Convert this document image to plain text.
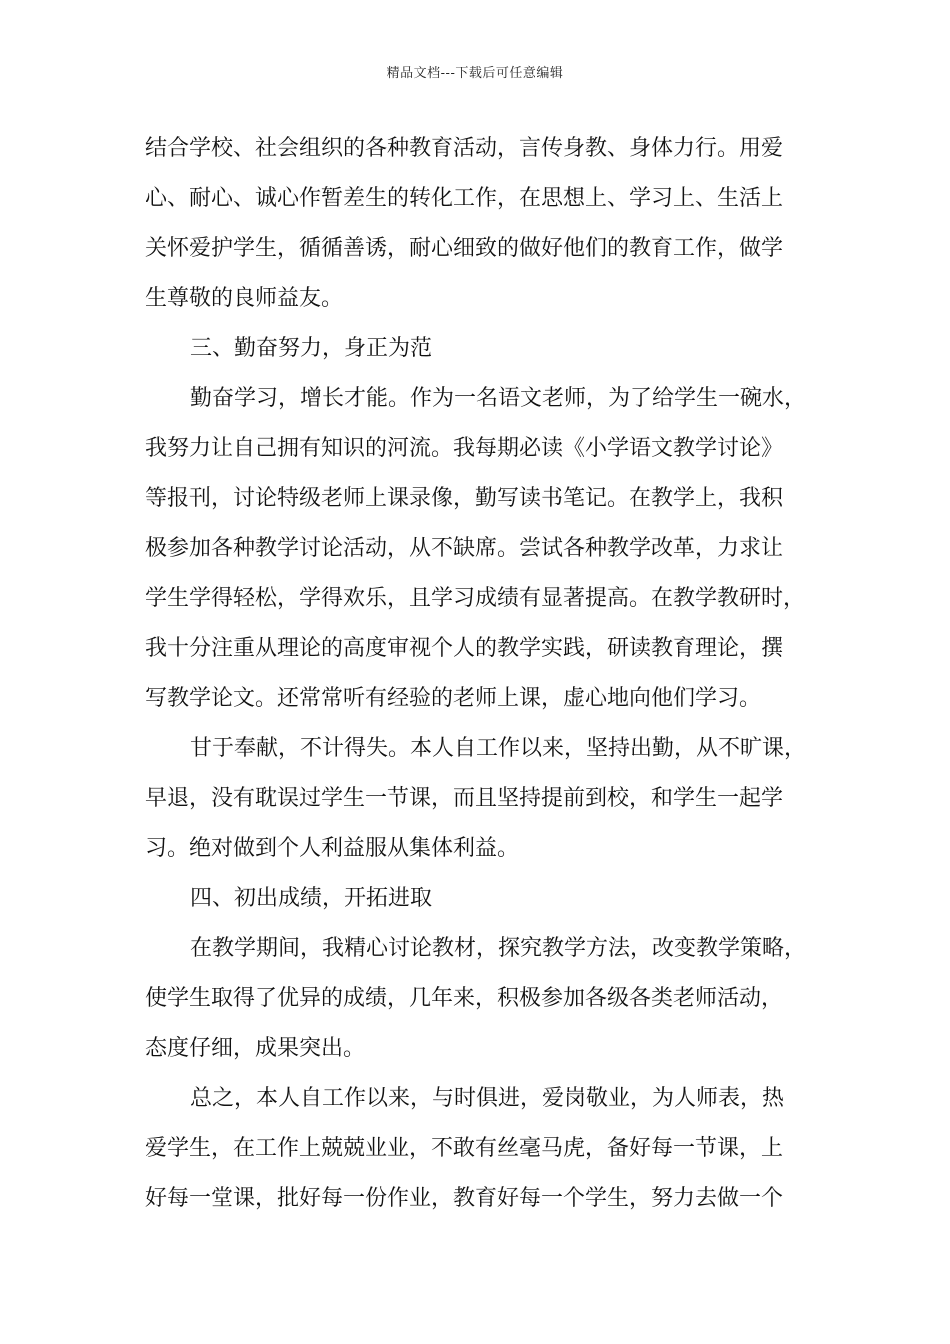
精品文档---下载后可任意编辑
结合学校、社会组织的各种教育活动，言传身教、身体力行。用爱
心、耐心、诚心作暂差生的转化工作，在思想上、学习上、生活上
关怀爱护学生，循循善诱，耐心细致的做好他们的教育工作，做学
生尊敬的良师益友。
三、勤奋努力，身正为范
勤奋学习，增长才能。作为一名语文老师，为了给学生一碗水，
我努力让自己拥有知识的河流。我每期必读《小学语文教学讨论》
等报刊，讨论特级老师上课录像，勤写读书笔记。在教学上，我积
极参加各种教学讨论活动，从不缺席。尝试各种教学改革，力求让
学生学得轻松，学得欢乐，且学习成绩有显著提高。在教学教研时，
我十分注重从理论的高度审视个人的教学实践，研读教育理论，撰
写教学论文。还常常听有经验的老师上课，虚心地向他们学习。
甘于奉献，不计得失。本人自工作以来，坚持出勤，从不旷课，
早退，没有耽误过学生一节课，而且坚持提前到校，和学生一起学
习。绝对做到个人利益服从集体利益。
四、初出成绩，开拓进取
在教学期间，我精心讨论教材，探究教学方法，改变教学策略，
使学生取得了优异的成绩，几年来，积极参加各级各类老师活动，
态度仔细，成果突出。
总之，本人自工作以来，与时俱进，爱岗敬业，为人师表，热
爱学生，在工作上兢兢业业，不敢有丝毫马虎，备好每一节课，上
好每一堂课，批好每一份作业，教育好每一个学生，努力去做一个
